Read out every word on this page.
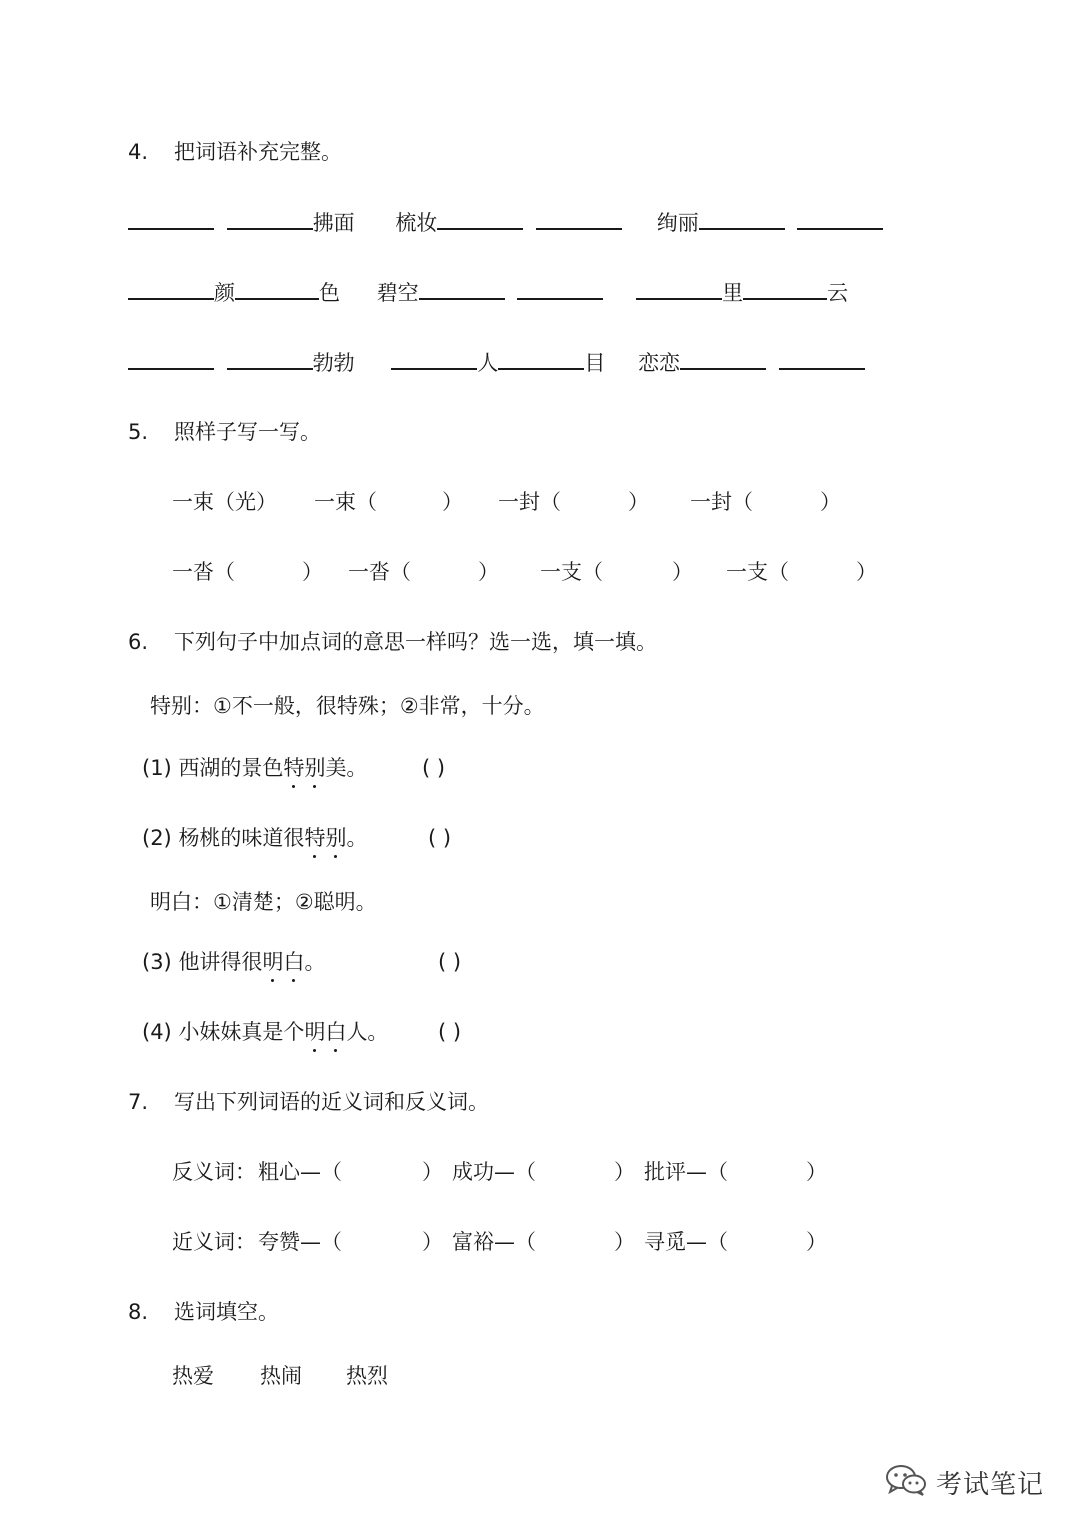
4. 把词语补充完整。
拂面 梳妆	绚丽
颜	色 碧空	里	云
勃勃	人	目 恋恋
5. 照样子写一写。
一束（光） 一束（	） 一封（	） 一封（	）
一沓（	） 一沓（	） 一支（	） 一支（	）
6. 下列句子中加点词的意思一样吗？选一选，填一填。
特别：①不一般，很特殊；②非常，十分。
(1) 西湖的景色特别美。	( )
(2) 杨桃的味道很特别。	( )
明白：①清楚；②聪明。
(3) 他讲得很明白。	( )
(4) 小妹妹真是个明白人。 ( )
7. 写出下列词语的近义词和反义词。
反义词： 粗心—（	） 成功—（	） 批评—（	）
近义词： 夸赞—（	） 富裕—（	） 寻觅—（	）
8. 选词填空。
热爱 热闹 热烈
考试笔记
